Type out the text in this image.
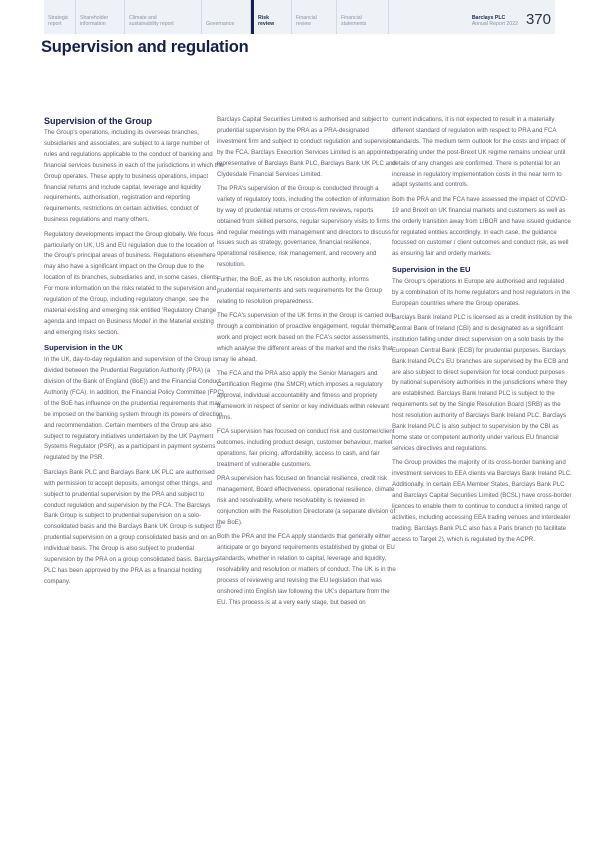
Strategic
report
Shareholder
information
Climate and
sustainability report
	Governance
Risk
review
Financial
review
Financial
statements
Barclays PLC
Annual Report 2022 370
Supervision and regulation
Supervision of the Group

The Group's operations, including its overseas branches, subsidiaries and associates, are subject to a large number of rules and regulations applicable to the conduct of banking and financial services business in each of the jurisdictions in which the Group operates. These apply to business operations, impact financial returns and include capital, leverage and liquidity requirements, authorisation, registration and reporting requirements, restrictions on certain activities, conduct of business regulations and many others.

Regulatory developments impact the Group globally. We focus particularly on UK, US and EU regulation due to the location of the Group's principal areas of business. Regulations elsewhere may also have a significant impact on the Group due to the location of its branches, subsidiaries and, in some cases, clients. For more information on the risks related to the supervision and regulation of the Group, including regulatory change, see the material existing and emerging risk entitled 'Regulatory Change agenda and impact on Business Model' in the Material existing and emerging risks section.

Supervision in the UK

In the UK, day-to-day regulation and supervision of the Group is divided between the Prudential Regulation Authority (PRA) (a division of the Bank of England (BoE)) and the Financial Conduct Authority (FCA). In addition, the Financial Policy Committee (FPC) of the BoE has influence on the prudential requirements that may be imposed on the banking system through its powers of direction and recommendation. Certain members of the Group are also subject to regulatory initiatives undertaken by the UK Payment Systems Regulator (PSR), as a participant in payment systems regulated by the PSR.

Barclays Bank PLC and Barclays Bank UK PLC are authorised with permission to accept deposits, amongst other things, and subject to prudential supervision by the PRA and subject to conduct regulation and supervision by the FCA. The Barclays Bank Group is subject to prudential supervision on a solo-consolidated basis and the Barclays Bank UK Group is subject to prudential supervision on a group consolidated basis and on an individual basis. The Group is also subject to prudential supervision by the PRA on a group consolidated basis. Barclays PLC has been approved by the PRA as a financial holding company.

Barclays Capital Securities Limited is authorised and subject to prudential supervision by the PRA as a PRA-designated investment firm and subject to conduct regulation and supervision by the FCA. Barclays Execution Services Limited is an appointed representative of Barclays Bank PLC, Barclays Bank UK PLC and Clydesdale Financial Services Limited.

The PRA's supervision of the Group is conducted through a variety of regulatory tools, including the collection of information by way of prudential returns or cross-firm reviews, reports obtained from skilled persons, regular supervisory visits to firms and regular meetings with management and directors to discuss issues such as strategy, governance, financial resilience, operational resilience, risk management, and recovery and resolution.

Further, the BoE, as the UK resolution authority, informs prudential requirements and sets requirements for the Group relating to resolution preparedness.

The FCA's supervision of the UK firms in the Group is carried out through a combination of proactive engagement, regular thematic work and project work based on the FCA's sector assessments, which analyse the different areas of the market and the risks that may lie ahead.

The FCA and the PRA also apply the Senior Managers and Certification Regime (the SMCR) which imposes a regulatory approval, individual accountability and fitness and propriety framework in respect of senior or key individuals within relevant firms.

FCA supervision has focused on conduct risk and customer/client outcomes, including product design, customer behaviour, market operations, fair pricing, affordability, access to cash, and fair treatment of vulnerable customers.

PRA supervision has focused on financial resilience, credit risk management, Board effectiveness, operational resilience, climate risk and resolvability, where resolvability is reviewed in conjunction with the Resolution Directorate (a separate division of the BoE).

Both the PRA and the FCA apply standards that generally either anticipate or go beyond requirements established by global or EU standards, whether in relation to capital, leverage and liquidity, resolvability and resolution or matters of conduct. The UK is in the process of reviewing and revising the EU legislation that was onshored into English law following the UK's departure from the EU. This process is at a very early stage, but based on

current indications, it is not expected to result in a materially different standard of regulation with respect to PRA and FCA standards. The medium term outlook for the costs and impact of operating under the post-Brexit UK regime remains unclear until details of any changes are confirmed. There is potential for an increase in regulatory implementation costs in the near term to adapt systems and controls.

Both the PRA and the FCA have assessed the impact of COVID-19 and Brexit on UK financial markets and customers as well as the orderly transition away from LIBOR and have issued guidance for regulated entities accordingly. In each case, the guidance focussed on customer / client outcomes and conduct risk, as well as ensuring fair and orderly markets.

Supervision in the EU

The Group's operations in Europe are authorised and regulated by a combination of its home regulators and host regulators in the European countries where the Group operates.

Barclays Bank Ireland PLC is licensed as a credit institution by the Central Bank of Ireland (CBI) and is designated as a significant institution falling under direct supervision on a solo basis by the European Central Bank (ECB) for prudential purposes. Barclays Bank Ireland PLC's EU branches are supervised by the ECB and are also subject to direct supervision for local conduct purposes by national supervisory authorities in the jurisdictions where they are established. Barclays Bank Ireland PLC is subject to the requirements set by the Single Resolution Board (SRB) as the host resolution authority of Barclays Bank Ireland PLC. Barclays Bank Ireland PLC is also subject to supervision by the CBI as home state or competent authority under various EU financial services directives and regulations.

The Group provides the majority of its cross-border banking and investment services to EEA clients via Barclays Bank Ireland PLC. Additionally, in certain EEA Member States, Barclays Bank PLC and Barclays Capital Securities Limited (BCSL) have cross-border licences to enable them to continue to conduct a limited range of activities, including accessing EEA trading venues and interdealer trading. Barclays Bank PLC also has a Paris branch (to facilitate access to Target 2), which is regulated by the ACPR.
